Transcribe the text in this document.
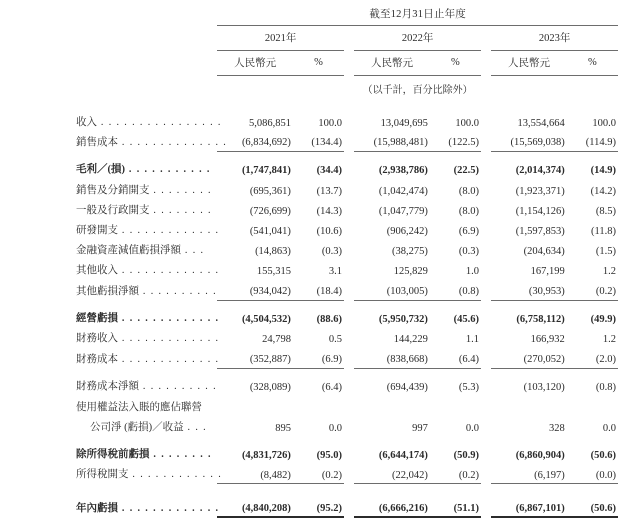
	截至12月31日止年度							

	2021年			2022年			2023年	

	人民幣元	%		人民幣元	%		人民幣元	%

				（以千計，百分比除外）				

收入 . . . . . . . . . . . . . . . .	5,086,851	100.0		13,049,695	100.0		13,554,664	100.0
銷售成本 . . . . . . . . . . . . . .	(6,834,692)	(134.4)		(15,988,481)	(122.5)		(15,569,038)	(114.9)

毛利／(損) . . . . . . . . . . .	(1,747,841)	(34.4)		(2,938,786)	(22.5)		(2,014,374)	(14.9)
銷售及分銷開支 . . . . . . . .	(695,361)	(13.7)		(1,042,474)	(8.0)		(1,923,371)	(14.2)
一般及行政開支 . . . . . . . .	(726,699)	(14.3)		(1,047,779)	(8.0)		(1,154,126)	(8.5)
研發開支 . . . . . . . . . . . . .	(541,041)	(10.6)		(906,242)	(6.9)		(1,597,853)	(11.8)
金融資產減值虧損淨額 . . .	(14,863)	(0.3)		(38,275)	(0.3)		(204,634)	(1.5)
其他收入 . . . . . . . . . . . . .	155,315	3.1		125,829	1.0		167,199	1.2
其他虧損淨額 . . . . . . . . . .	(934,042)	(18.4)		(103,005)	(0.8)		(30,953)	(0.2)

經營虧損 . . . . . . . . . . . . .	(4,504,532)	(88.6)		(5,950,732)	(45.6)		(6,758,112)	(49.9)
財務收入 . . . . . . . . . . . . .	24,798	0.5		144,229	1.1		166,932	1.2
財務成本 . . . . . . . . . . . . .	(352,887)	(6.9)		(838,668)	(6.4)		(270,052)	(2.0)

財務成本淨額 . . . . . . . . . .	(328,089)	(6.4)		(694,439)	(5.3)		(103,120)	(0.8)
使用權益法入賬的應佔聯營								
公司淨 (虧損)／收益 . . .	895	0.0		997	0.0		328	0.0

除所得稅前虧損 . . . . . . . .	(4,831,726)	(95.0)		(6,644,174)	(50.9)		(6,860,904)	(50.6)
所得稅開支 . . . . . . . . . . . .	(8,482)	(0.2)		(22,042)	(0.2)		(6,197)	(0.0)

年內虧損 . . . . . . . . . . . . .	(4,840,208)	(95.2)		(6,666,216)	(51.1)		(6,867,101)	(50.6)
